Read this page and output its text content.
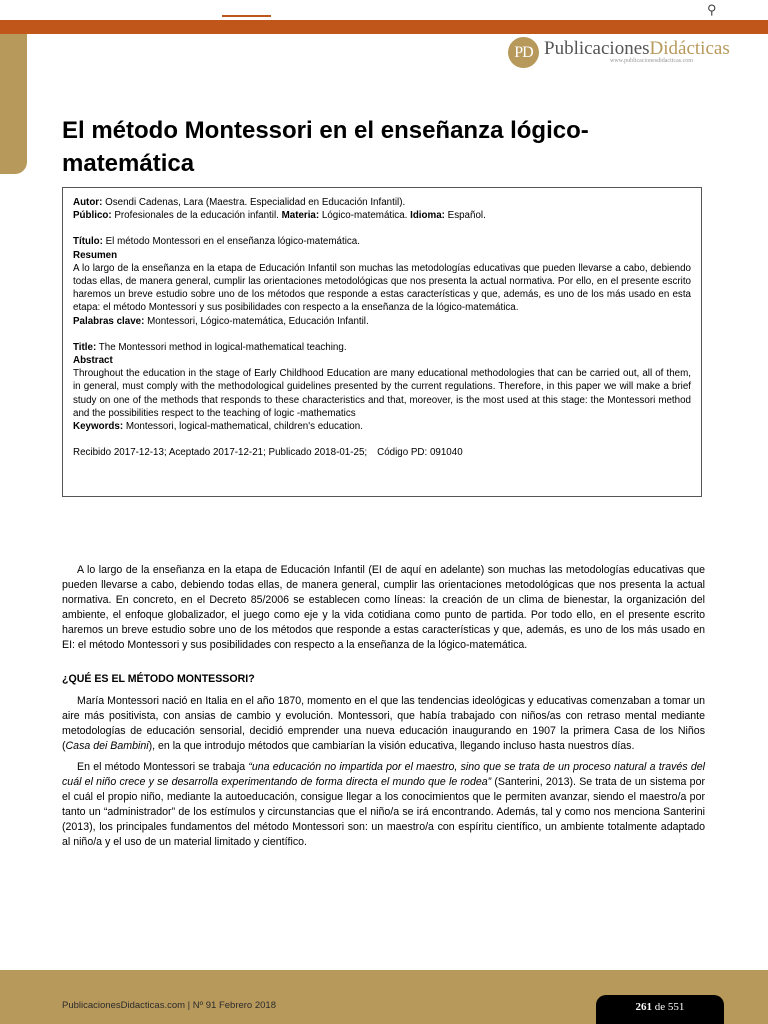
⚲
PD PublicacionesDidácticas
www.publicacionesdidacticas.com
El método Montessori en el enseñanza lógico-matemática

Autor: Osendi Cadenas, Lara (Maestra. Especialidad en Educación Infantil).

Público: Profesionales de la educación infantil. Materia: Lógico-matemática. Idioma: Español.

Título: El método Montessori en el enseñanza lógico-matemática.

Resumen

A lo largo de la enseñanza en la etapa de Educación Infantil son muchas las metodologías educativas que pueden llevarse a cabo, debiendo todas ellas, de manera general, cumplir las orientaciones metodológicas que nos presenta la actual normativa. Por ello, en el presente escrito haremos un breve estudio sobre uno de los métodos que responde a estas características y que, además, es uno de los más usado en esta etapa: el método Montessori y sus posibilidades con respecto a la enseñanza de la lógico-matemática.

Palabras clave: Montessori, Lógico-matemática, Educación Infantil.

Title: The Montessori method in logical-mathematical teaching.

Abstract

Throughout the education in the stage of Early Childhood Education are many educational methodologies that can be carried out, all of them, in general, must comply with the methodological guidelines presented by the current regulations. Therefore, in this paper we will make a brief study on one of the methods that responds to these characteristics and that, moreover, is the most used at this stage: the Montessori method and the possibilities respect to the teaching of logic -mathematics

Keywords: Montessori, logical-mathematical, children's education.

Recibido 2017-12-13; Aceptado 2017-12-21; Publicado 2018-01-25; Código PD: 091040

A lo largo de la enseñanza en la etapa de Educación Infantil (EI de aquí en adelante) son muchas las metodologías educativas que pueden llevarse a cabo, debiendo todas ellas, de manera general, cumplir las orientaciones metodológicas que nos presenta la actual normativa. En concreto, en el Decreto 85/2006 se establecen como líneas: la creación de un clima de bienestar, la organización del ambiente, el enfoque globalizador, el juego como eje y la vida cotidiana como punto de partida. Por todo ello, en el presente escrito haremos un breve estudio sobre uno de los métodos que responde a estas características y que, además, es uno de los más usado en EI: el método Montessori y sus posibilidades con respecto a la enseñanza de la lógico-matemática.

¿QUÉ ES EL MÉTODO MONTESSORI?

María Montessori nació en Italia en el año 1870, momento en el que las tendencias ideológicas y educativas comenzaban a tomar un aire más positivista, con ansias de cambio y evolución. Montessori, que había trabajado con niños/as con retraso mental mediante metodologías de educación sensorial, decidió emprender una nueva educación inaugurando en 1907 la primera Casa de los Niños (Casa dei Bambini), en la que introdujo métodos que cambiarían la visión educativa, llegando incluso hasta nuestros días.

En el método Montessori se trabaja “una educación no impartida por el maestro, sino que se trata de un proceso natural a través del cuál el niño crece y se desarrolla experimentando de forma directa el mundo que le rodea” (Santerini, 2013). Se trata de un sistema por el cuál el propio niño, mediante la autoeducación, consigue llegar a los conocimientos que le permiten avanzar, siendo el maestro/a por tanto un “administrador” de los estímulos y circunstancias que el niño/a se irá encontrando. Además, tal y como nos menciona Santerini (2013), los principales fundamentos del método Montessori son: un maestro/a con espíritu científico, un ambiente totalmente adaptado al niño/a y el uso de un material limitado y científico.

PublicacionesDidacticas.com | Nº 91 Febrero 2018	261 de 551
